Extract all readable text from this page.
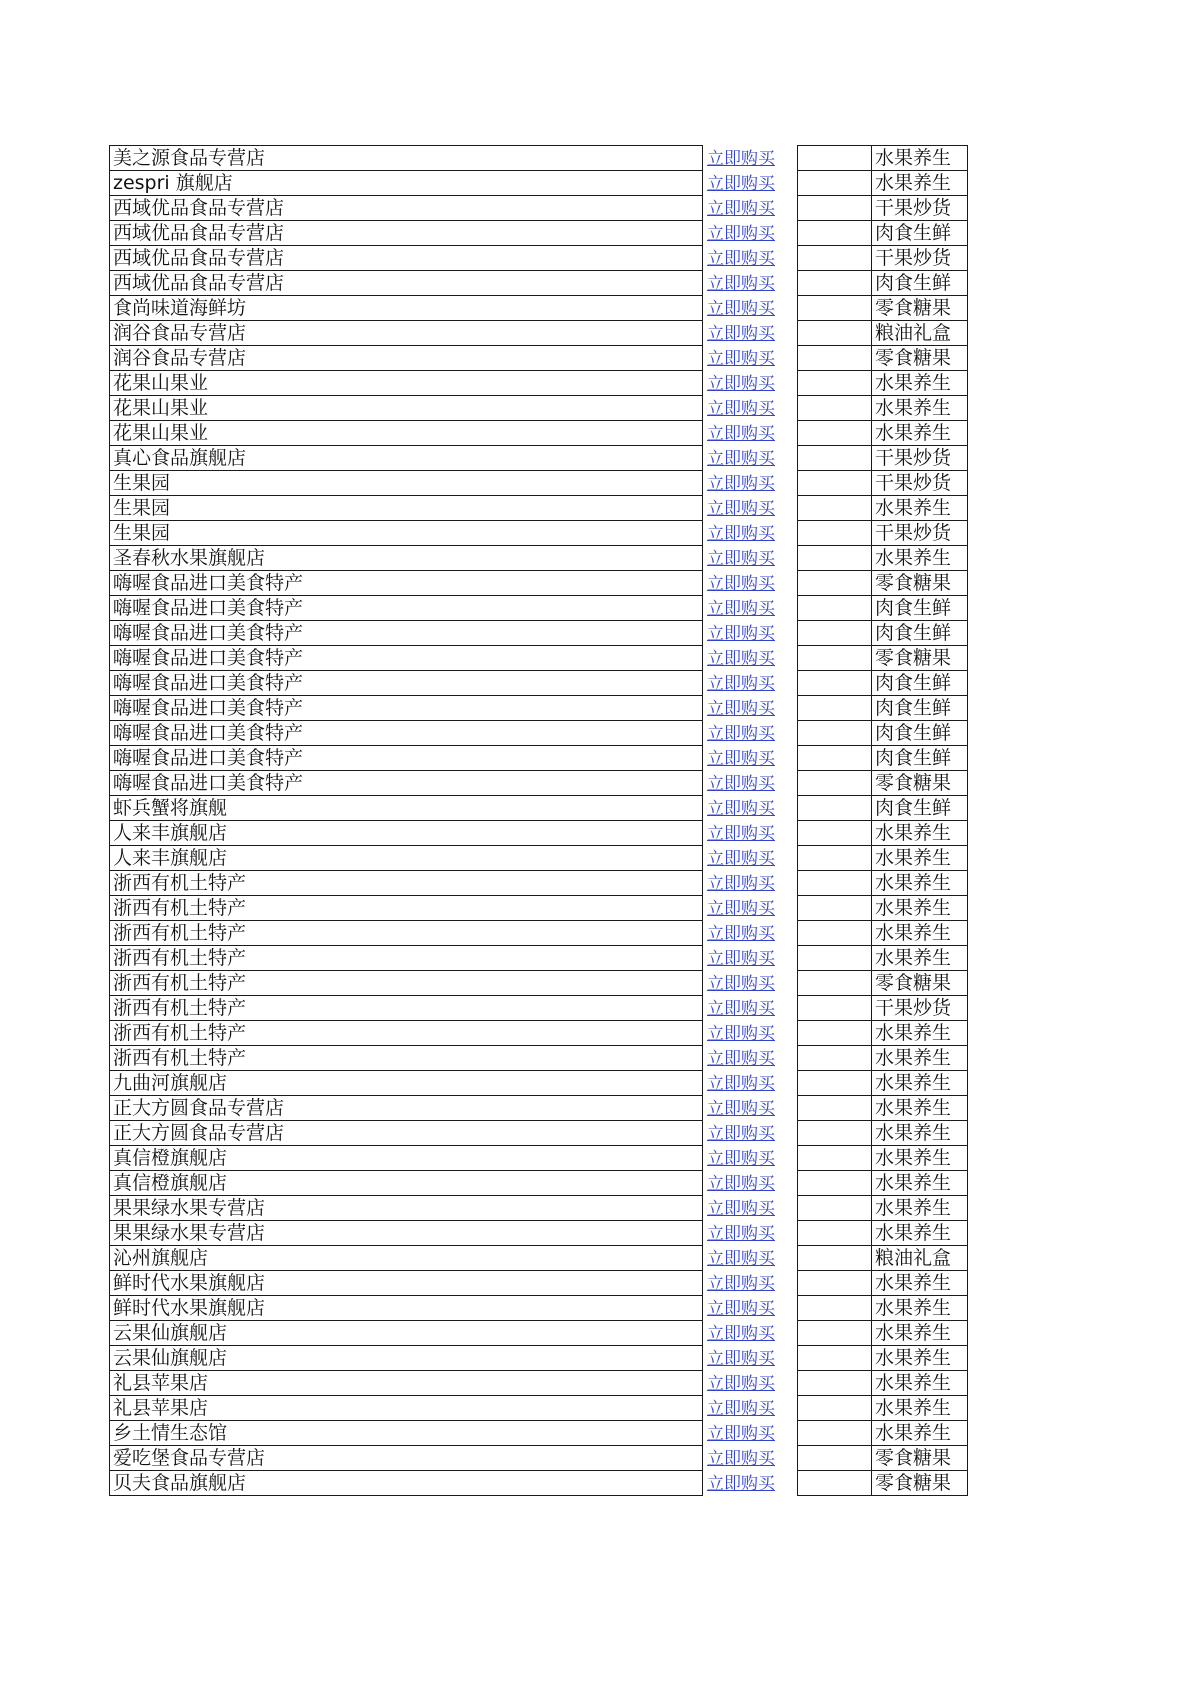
美之源食品专营店	立即购买		水果养生
zespri 旗舰店	立即购买		水果养生
西域优品食品专营店	立即购买		干果炒货
西域优品食品专营店	立即购买		肉食生鲜
西域优品食品专营店	立即购买		干果炒货
西域优品食品专营店	立即购买		肉食生鲜
食尚味道海鲜坊	立即购买		零食糖果
润谷食品专营店	立即购买		粮油礼盒
润谷食品专营店	立即购买		零食糖果
花果山果业	立即购买		水果养生
花果山果业	立即购买		水果养生
花果山果业	立即购买		水果养生
真心食品旗舰店	立即购买		干果炒货
生果园	立即购买		干果炒货
生果园	立即购买		水果养生
生果园	立即购买		干果炒货
圣春秋水果旗舰店	立即购买		水果养生
嗨喔食品进口美食特产	立即购买		零食糖果
嗨喔食品进口美食特产	立即购买		肉食生鲜
嗨喔食品进口美食特产	立即购买		肉食生鲜
嗨喔食品进口美食特产	立即购买		零食糖果
嗨喔食品进口美食特产	立即购买		肉食生鲜
嗨喔食品进口美食特产	立即购买		肉食生鲜
嗨喔食品进口美食特产	立即购买		肉食生鲜
嗨喔食品进口美食特产	立即购买		肉食生鲜
嗨喔食品进口美食特产	立即购买		零食糖果
虾兵蟹将旗舰	立即购买		肉食生鲜
人来丰旗舰店	立即购买		水果养生
人来丰旗舰店	立即购买		水果养生
浙西有机土特产	立即购买		水果养生
浙西有机土特产	立即购买		水果养生
浙西有机土特产	立即购买		水果养生
浙西有机土特产	立即购买		水果养生
浙西有机土特产	立即购买		零食糖果
浙西有机土特产	立即购买		干果炒货
浙西有机土特产	立即购买		水果养生
浙西有机土特产	立即购买		水果养生
九曲河旗舰店	立即购买		水果养生
正大方圆食品专营店	立即购买		水果养生
正大方圆食品专营店	立即购买		水果养生
真信橙旗舰店	立即购买		水果养生
真信橙旗舰店	立即购买		水果养生
果果绿水果专营店	立即购买		水果养生
果果绿水果专营店	立即购买		水果养生
沁州旗舰店	立即购买		粮油礼盒
鲜时代水果旗舰店	立即购买		水果养生
鲜时代水果旗舰店	立即购买		水果养生
云果仙旗舰店	立即购买		水果养生
云果仙旗舰店	立即购买		水果养生
礼县苹果店	立即购买		水果养生
礼县苹果店	立即购买		水果养生
乡土情生态馆	立即购买		水果养生
爱吃堡食品专营店	立即购买		零食糖果
贝夫食品旗舰店	立即购买		零食糖果
